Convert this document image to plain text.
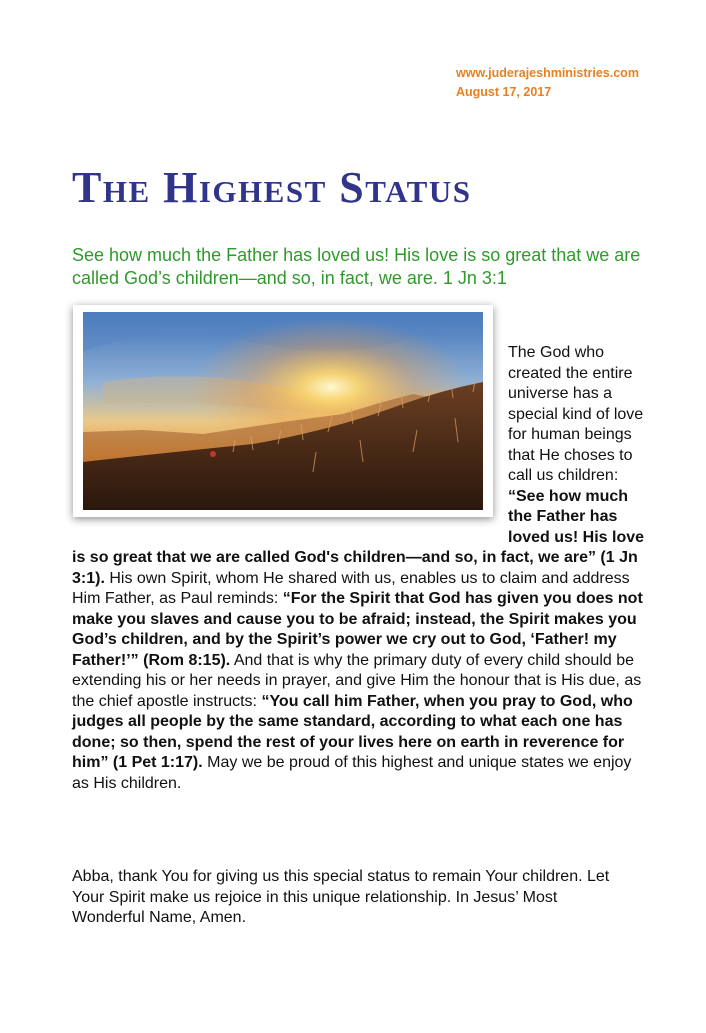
www.juderajeshministries.com
August 17, 2017
The Highest Status

See how much the Father has loved us! His love is so great that we are called God’s children—and so, in fact, we are. 1 Jn 3:1

The God who created the entire universe has a special kind of love for human beings that He choses to call us children: “See how much the Father has loved us! His love is so great that we are called God's children—and so, in fact, we are” (1 Jn 3:1). His own Spirit, whom He shared with us, enables us to claim and address Him Father, as Paul reminds: “For the Spirit that God has given you does not make you slaves and cause you to be afraid; instead, the Spirit makes you God’s children, and by the Spirit’s power we cry out to God, ‘Father! my Father!’” (Rom 8:15). And that is why the primary duty of every child should be extending his or her needs in prayer, and give Him the honour that is His due, as the chief apostle instructs: “You call him Father, when you pray to God, who judges all people by the same standard, according to what each one has done; so then, spend the rest of your lives here on earth in reverence for him” (1 Pet 1:17). May we be proud of this highest and unique states we enjoy as His children.

Abba, thank You for giving us this special status to remain Your children. Let Your Spirit make us rejoice in this unique relationship. In Jesus’ Most Wonderful Name, Amen.
